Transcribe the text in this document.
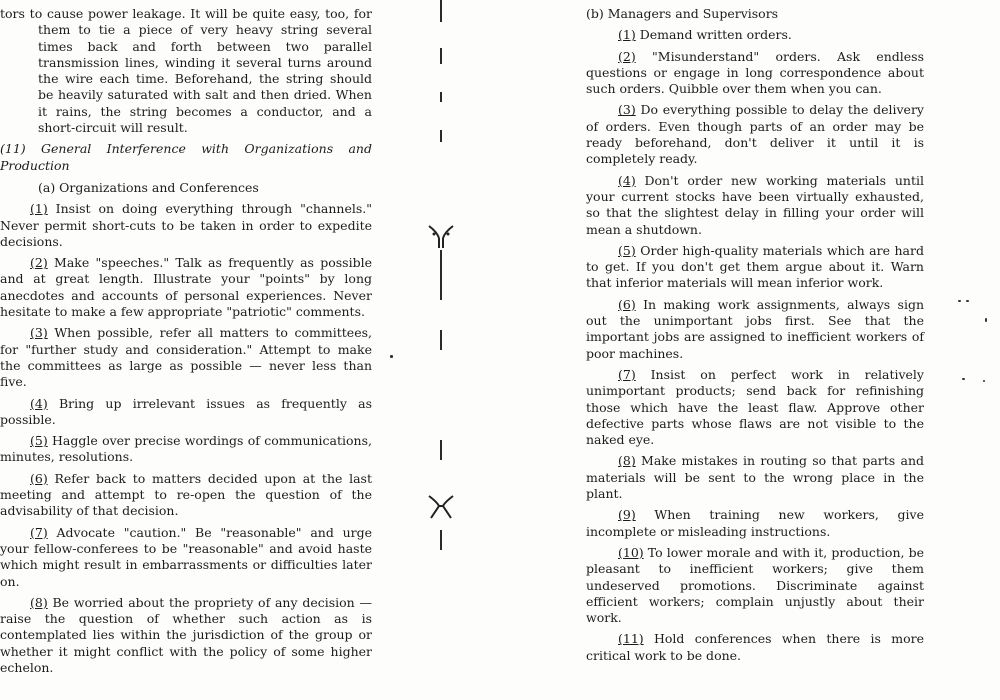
tors to cause power leakage. It will be quite easy, too, for them to tie a piece of very heavy string several times back and forth between two parallel transmission lines, winding it several turns around the wire each time. Beforehand, the string should be heavily saturated with salt and then dried. When it rains, the string becomes a conductor, and a short-circuit will result.

(11) General Interference with Organizations and Production

(a) Organizations and Conferences

(1) Insist on doing everything through "channels." Never permit short-cuts to be taken in order to expedite decisions.

(2) Make "speeches." Talk as frequently as possible and at great length. Illustrate your "points" by long anecdotes and accounts of personal experiences. Never hesitate to make a few appropriate "patriotic" comments.

(3) When possible, refer all matters to committees, for "further study and consideration." Attempt to make the committees as large as possible — never less than five.

(4) Bring up irrelevant issues as frequently as possible.

(5) Haggle over precise wordings of communications, minutes, resolutions.

(6) Refer back to matters decided upon at the last meeting and attempt to re-open the question of the advisability of that decision.

(7) Advocate "caution." Be "reasonable" and urge your fellow-conferees to be "reasonable" and avoid haste which might result in embarrassments or difficulties later on.

(8) Be worried about the propriety of any decision — raise the question of whether such action as is contemplated lies within the jurisdiction of the group or whether it might conflict with the policy of some higher echelon.

(b) Managers and Supervisors

(1) Demand written orders.

(2) "Misunderstand" orders. Ask endless questions or engage in long correspondence about such orders. Quibble over them when you can.

(3) Do everything possible to delay the delivery of orders. Even though parts of an order may be ready beforehand, don't deliver it until it is completely ready.

(4) Don't order new working materials until your current stocks have been virtually exhausted, so that the slightest delay in filling your order will mean a shutdown.

(5) Order high-quality materials which are hard to get. If you don't get them argue about it. Warn that inferior materials will mean inferior work.

(6) In making work assignments, always sign out the unimportant jobs first. See that the important jobs are assigned to inefficient workers of poor machines.

(7) Insist on perfect work in relatively unimportant products; send back for refinishing those which have the least flaw. Approve other defective parts whose flaws are not visible to the naked eye.

(8) Make mistakes in routing so that parts and materials will be sent to the wrong place in the plant.

(9) When training new workers, give incomplete or misleading instructions.

(10) To lower morale and with it, production, be pleasant to inefficient workers; give them undeserved promotions. Discriminate against efficient workers; complain unjustly about their work.

(11) Hold conferences when there is more critical work to be done.
